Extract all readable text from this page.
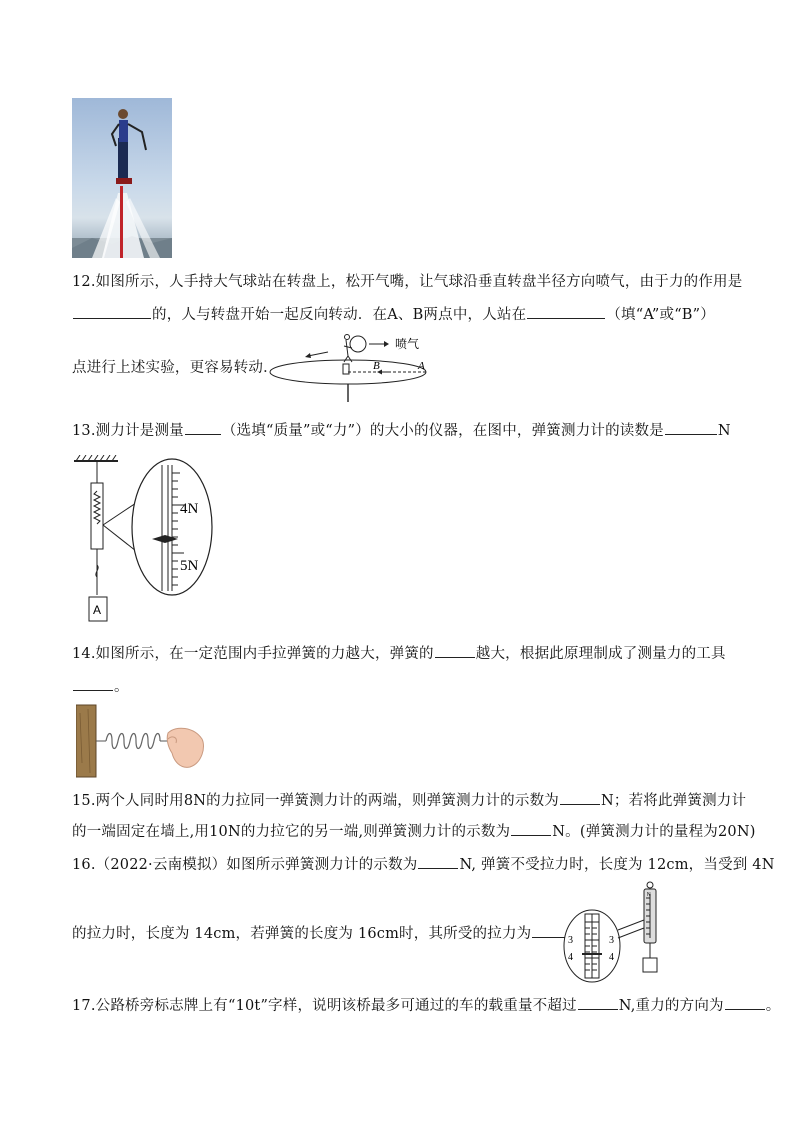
12.如图所示，人手持大气球站在转盘上，松开气嘴，让气球沿垂直转盘半径方向喷气，由于力的作用是
的，人与转盘开始一起反向转动．在A、B两点中，人站在	（填“A”或“B”）
点进行上述实验，更容易转动．
喷气
B	A
13.测力计是测量	（选填“质量”或“力”）的大小的仪器，在图中，弹簧测力计的读数是	N
A
4N
5N
14.如图所示，在一定范围内手拉弹簧的力越大，弹簧的	越大，根据此原理制成了测量力的工具
。
15.两个人同时用8N的力拉同一弹簧测力计的两端，则弹簧测力计的示数为	N；若将此弹簧测力计
的一端固定在墙上,用10N的力拉它的另一端,则弹簧测力计的示数为	N。(弹簧测力计的量程为20N)
16.（2022·云南模拟）如图所示弹簧测力计的示数为	N, 弹簧不受拉力时，长度为 12cm，当受到 4N
的拉力时，长度为 14cm，若弹簧的长度为 16cm时，其所受的拉力为	3
4
3
4
N
17.公路桥旁标志牌上有“10t”字样，说明该桥最多可通过的车的载重量不超过	N,重力的方向为	。
